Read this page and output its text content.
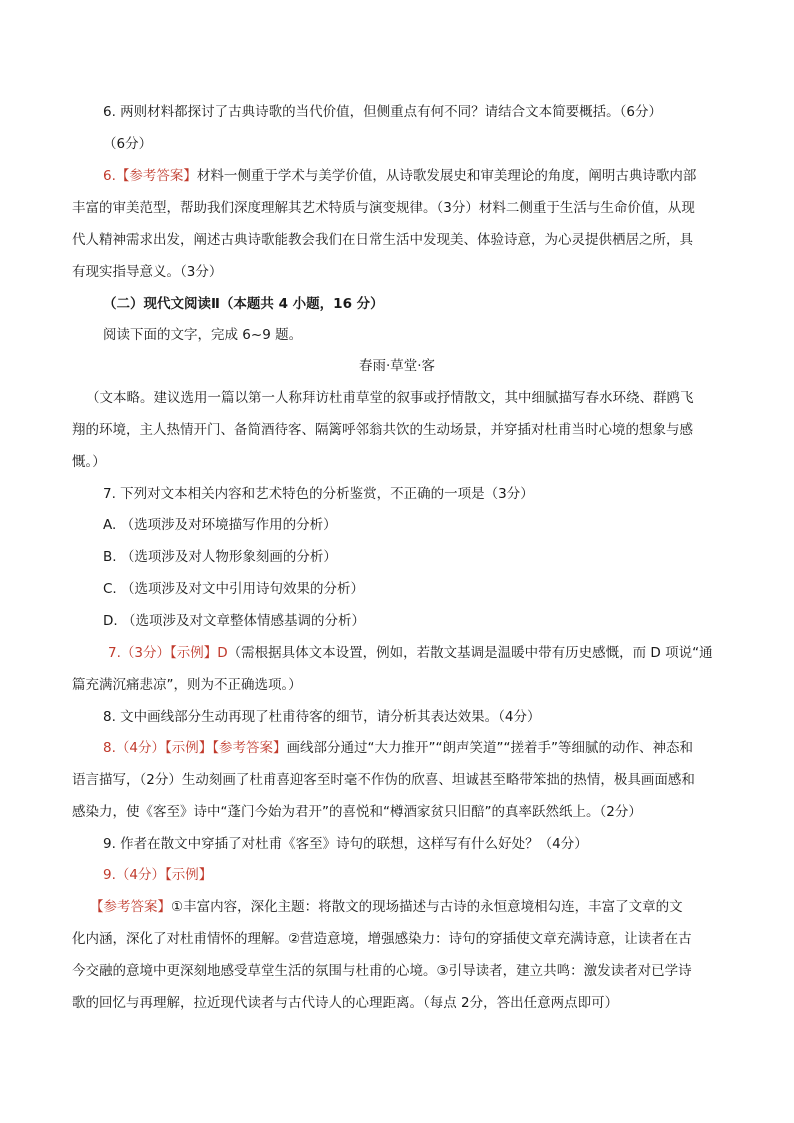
6. 两则材料都探讨了古典诗歌的当代价值，但侧重点有何不同？请结合文本简要概括。（6分）
（6分）
6.【参考答案】材料一侧重于学术与美学价值，从诗歌发展史和审美理论的角度，阐明古典诗歌内部
丰富的审美范型，帮助我们深度理解其艺术特质与演变规律。（3分）材料二侧重于生活与生命价值，从现
代人精神需求出发，阐述古典诗歌能教会我们在日常生活中发现美、体验诗意，为心灵提供栖居之所，具
有现实指导意义。（3分）
（二）现代文阅读Ⅱ（本题共 4 小题，16 分）
阅读下面的文字，完成 6~9 题。
春雨·草堂·客
（文本略。建议选用一篇以第一人称拜访杜甫草堂的叙事或抒情散文，其中细腻描写春水环绕、群鸥飞
翔的环境，主人热情开门、备简酒待客、隔篱呼邻翁共饮的生动场景，并穿插对杜甫当时心境的想象与感
慨。）
7. 下列对文本相关内容和艺术特色的分析鉴赏，不正确的一项是（3分）
A. （选项涉及对环境描写作用的分析）
B. （选项涉及对人物形象刻画的分析）
C. （选项涉及对文中引用诗句效果的分析）
D. （选项涉及对文章整体情感基调的分析）
7.（3分）【示例】D（需根据具体文本设置，例如，若散文基调是温暖中带有历史感慨，而 D 项说“通
篇充满沉痛悲凉”，则为不正确选项。）
8. 文中画线部分生动再现了杜甫待客的细节，请分析其表达效果。（4分）
8.（4分）【示例】【参考答案】画线部分通过“大力推开”“朗声笑道”“搓着手”等细腻的动作、神态和
语言描写，（2分）生动刻画了杜甫喜迎客至时毫不作伪的欣喜、坦诚甚至略带笨拙的热情，极具画面感和
感染力，使《客至》诗中“蓬门今始为君开”的喜悦和“樽酒家贫只旧醅”的真率跃然纸上。（2分）
9. 作者在散文中穿插了对杜甫《客至》诗句的联想，这样写有什么好处？（4分）
9.（4分）【示例】
【参考答案】①丰富内容，深化主题：将散文的现场描述与古诗的永恒意境相勾连，丰富了文章的文
化内涵，深化了对杜甫情怀的理解。②营造意境，增强感染力：诗句的穿插使文章充满诗意，让读者在古
今交融的意境中更深刻地感受草堂生活的氛围与杜甫的心境。③引导读者，建立共鸣：激发读者对已学诗
歌的回忆与再理解，拉近现代读者与古代诗人的心理距离。（每点 2分，答出任意两点即可）
